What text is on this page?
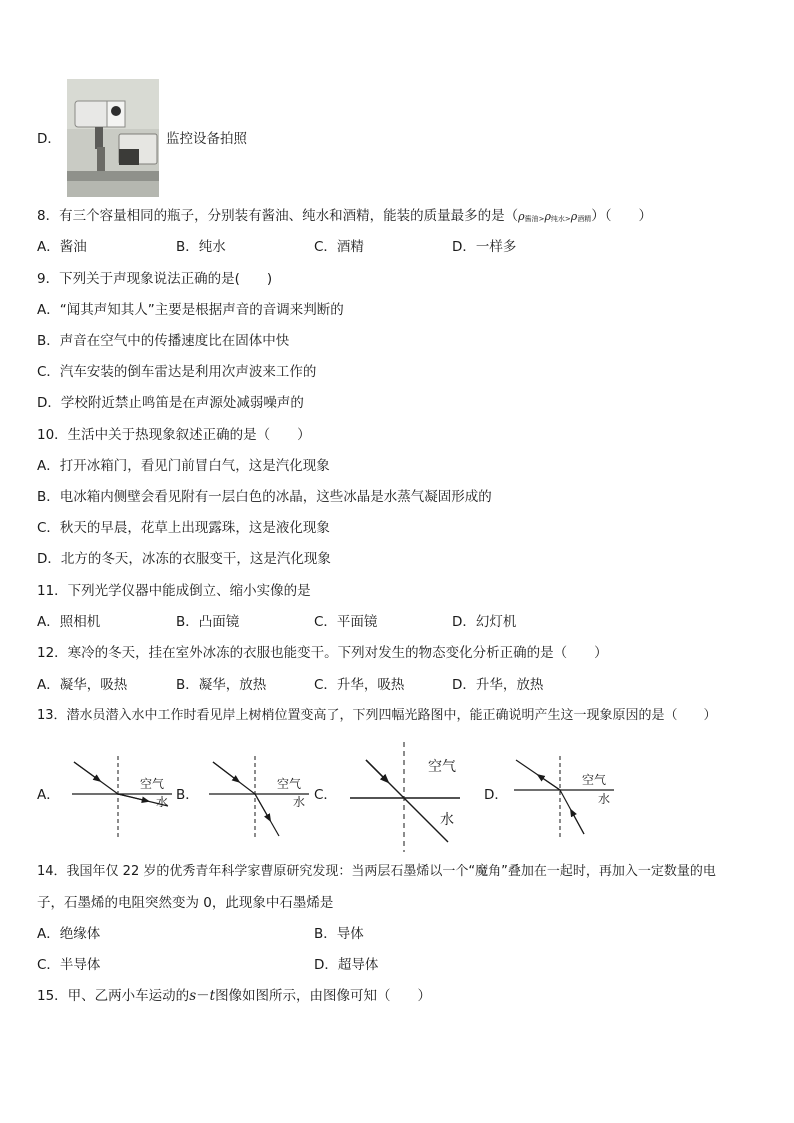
D．	监控设备拍照
8．有三个容量相同的瓶子，分别装有酱油、纯水和酒精，能装的质量最多的是（ρ酱油>ρ纯水>ρ酒精）（　　）
A．酱油	B．纯水	C．酒精	D．一样多
9．下列关于声现象说法正确的是(　　)
A．“闻其声知其人”主要是根据声音的音调来判断的
B．声音在空气中的传播速度比在固体中快
C．汽车安装的倒车雷达是利用次声波来工作的
D．学校附近禁止鸣笛是在声源处减弱噪声的
10．生活中关于热现象叙述正确的是（　　）
A．打开冰箱门，看见门前冒白气，这是汽化现象
B．电冰箱内侧壁会看见附有一层白色的冰晶，这些冰晶是水蒸气凝固形成的
C．秋天的早晨，花草上出现露珠，这是液化现象
D．北方的冬天，冰冻的衣服变干，这是汽化现象
11．下列光学仪器中能成倒立、缩小实像的是
A．照相机	B．凸面镜	C．平面镜	D．幻灯机
12．寒冷的冬天，挂在室外冰冻的衣服也能变干。下列对发生的物态变化分析正确的是（　　）
A．凝华，吸热	B．凝华，放热	C．升华，吸热	D．升华，放热
13．潜水员潜入水中工作时看见岸上树梢位置变高了，下列四幅光路图中，能正确说明产生这一现象原因的是（　　）
A．
空气
水 B．
空气
水 C．
空气
水
D．
空气
水
14．我国年仅 22 岁的优秀青年科学家曹原研究发现：当两层石墨烯以一个“魔角”叠加在一起时，再加入一定数量的电
子，石墨烯的电阻突然变为 0，此现象中石墨烯是
A．绝缘体	B．导体
C．半导体	D．超导体
15．甲、乙两小车运动的s－t图像如图所示，由图像可知（　　）
